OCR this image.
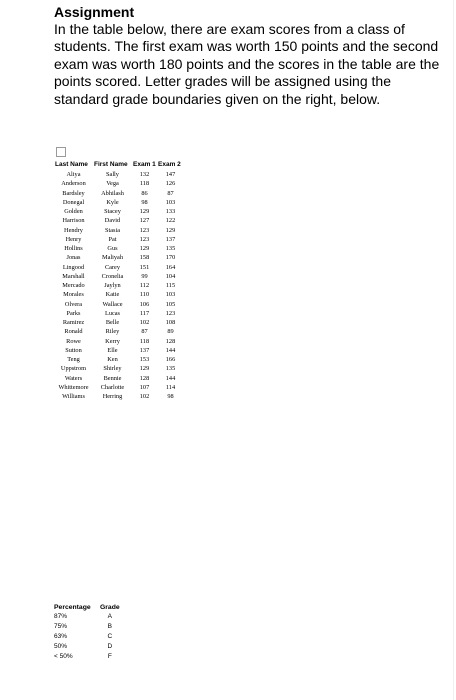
Assignment
In the table below, there are exam scores from a class of students. The first exam was worth 150 points and the second exam was worth 180 points and the scores in the table are the points scored. Letter grades will be assigned using the standard grade boundaries given on the right, below.
Last Name	First Name	Exam 1	Exam 2
Aliya	Sally	132	147
Anderson	Vega	118	126
Bardsley	Abhilash	86	87
Donegal	Kyle	98	103
Golden	Stacey	129	133
Harrison	David	127	122
Hendry	Stasia	123	129
Henry	Pat	123	137
Hollins	Gus	129	135
Jonas	Maliyah	158	170
Lingood	Carey	151	164
Marshall	Cronelia	99	104
Mercado	Jaylyn	112	115
Morales	Katie	110	103
Olvera	Wallace	106	105
Parks	Lucas	117	123
Ramirez	Belle	102	108
Ronald	Riley	87	89
Rowe	Kerry	118	128
Sutton	Elle	137	144
Teng	Ken	153	166
Uppstrom	Shirley	129	135
Waters	Bennie	128	144
Whittemore	Charlotte	107	114
Williams	Herring	102	98
Percentage	Grade
87%	A
75%	B
63%	C
50%	D
< 50%	F
